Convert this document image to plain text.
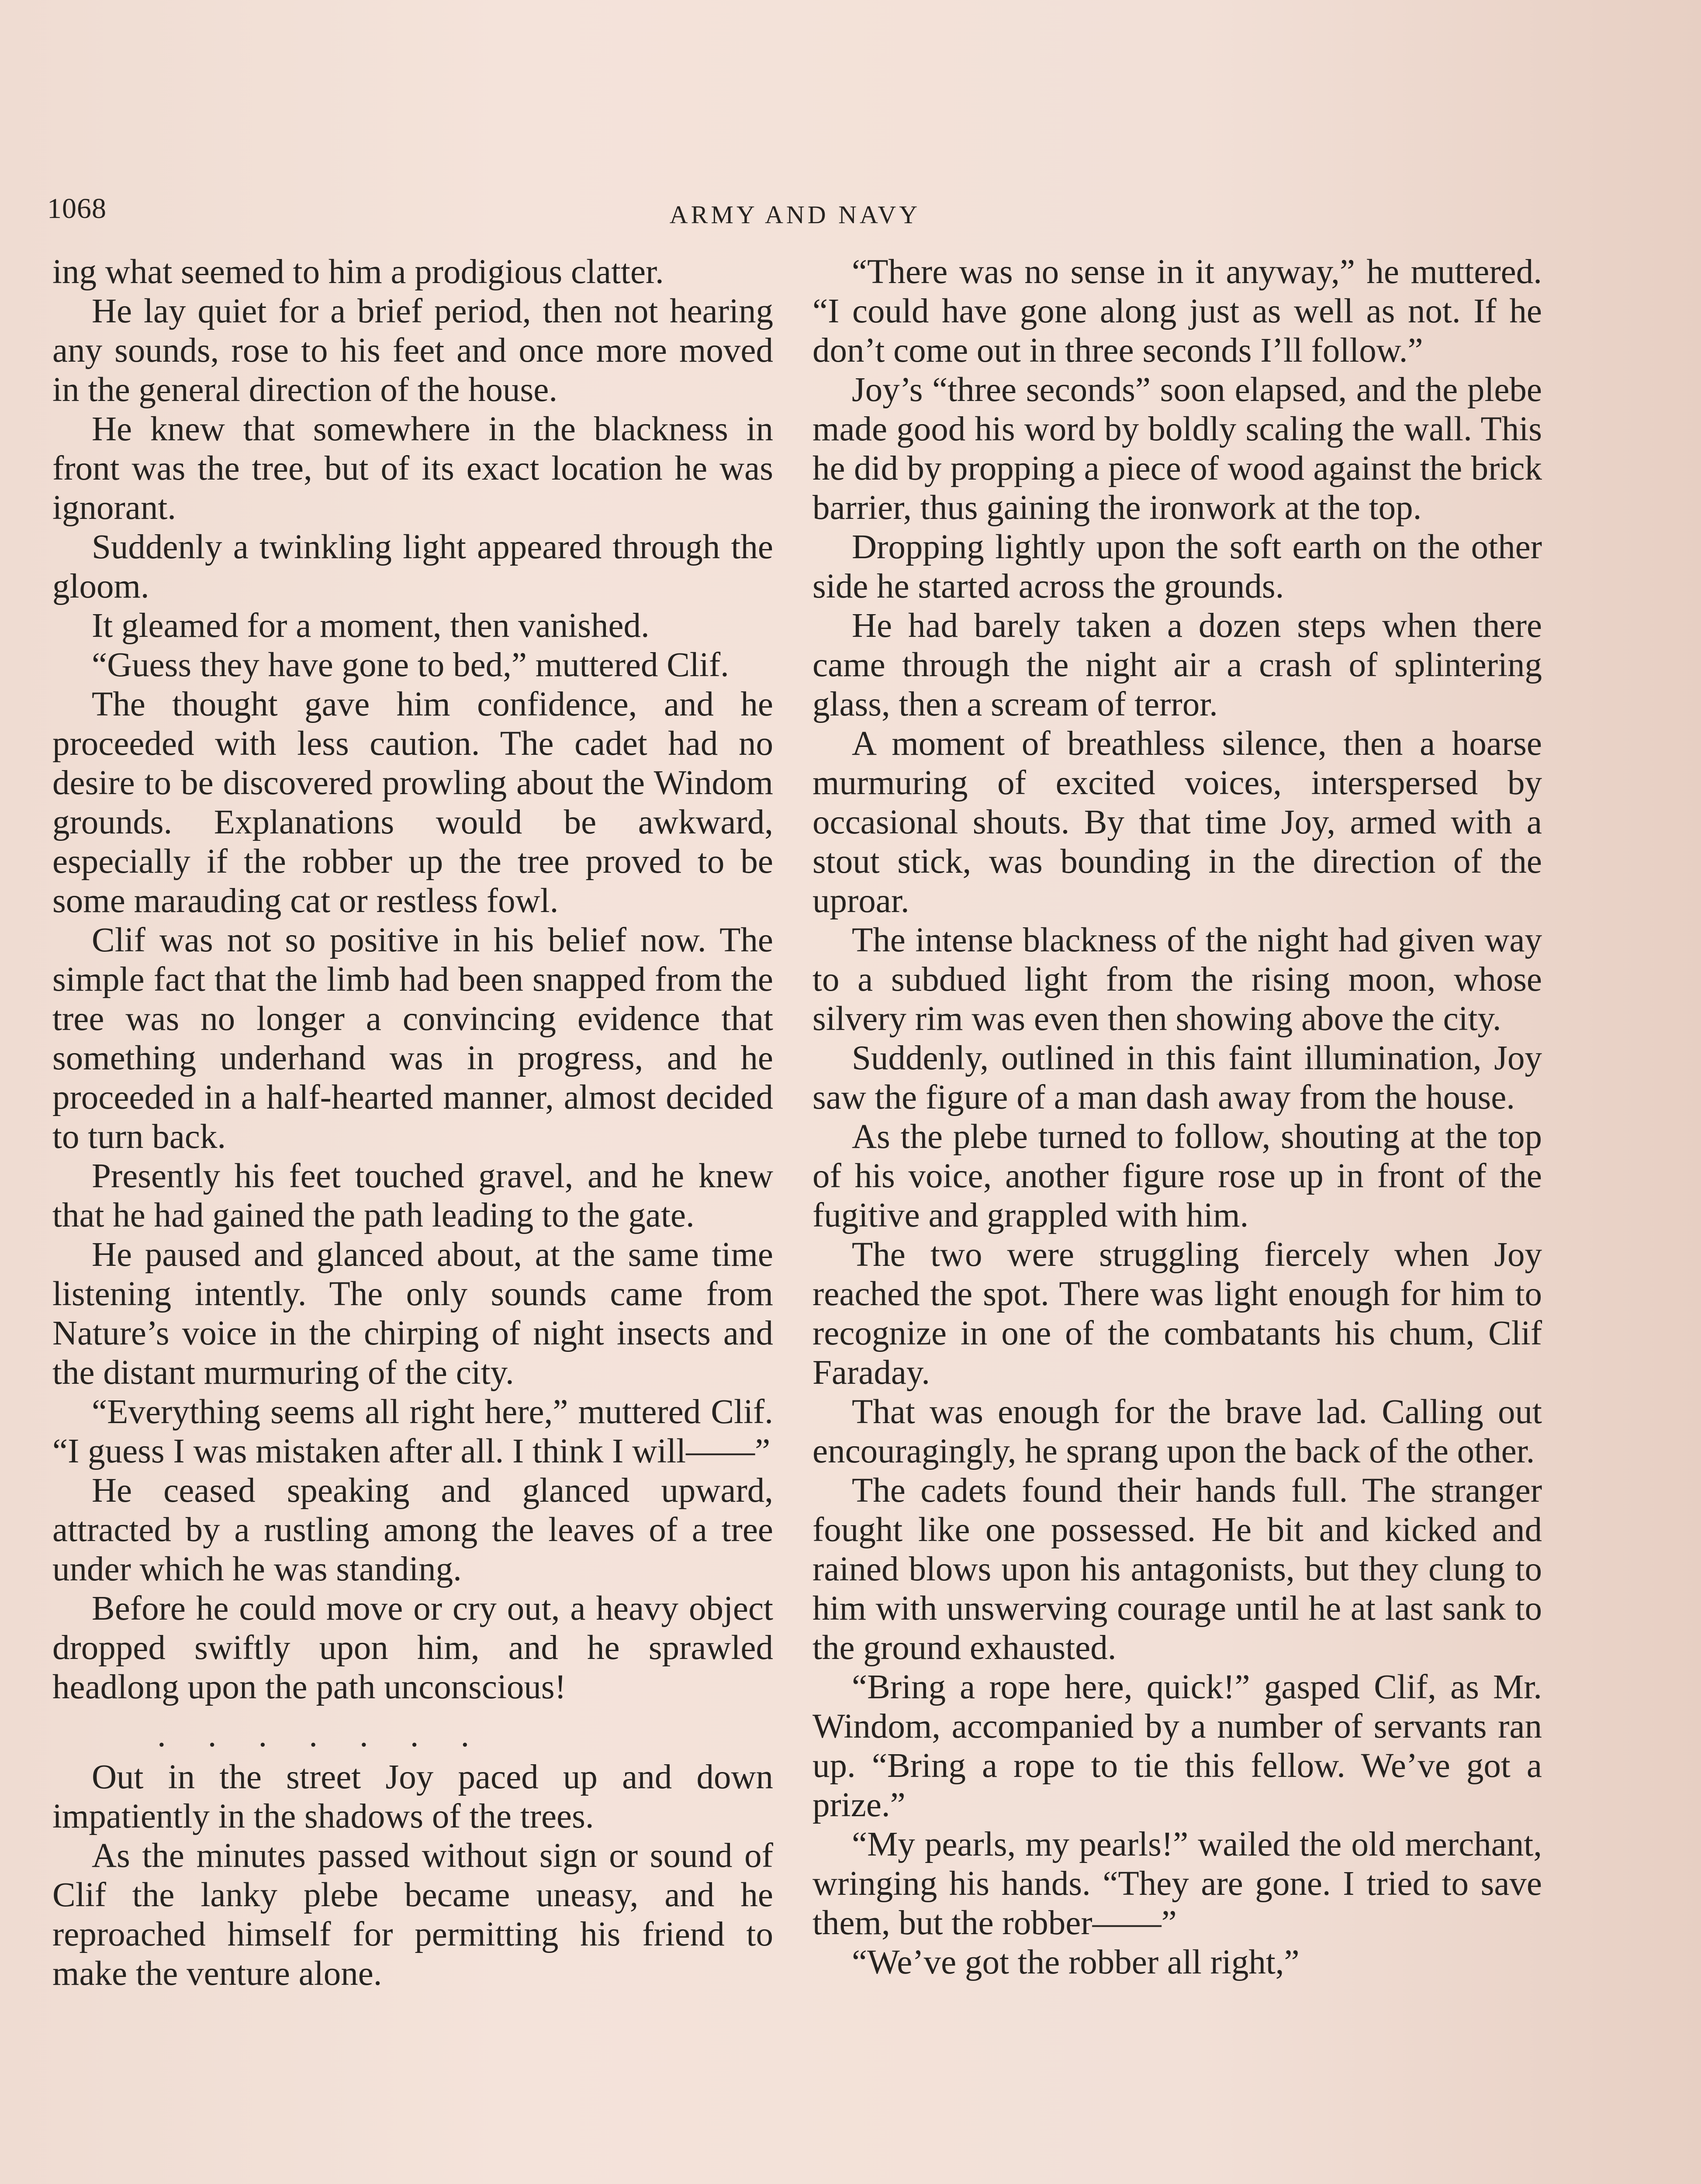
1068	ARMY AND NAVY

ing what seemed to him a prodigious clatter.

He lay quiet for a brief period, then not hearing any sounds, rose to his feet and once more moved in the general direction of the house.

He knew that somewhere in the blackness in front was the tree, but of its exact location he was ignorant.

Suddenly a twinkling light appeared through the gloom.

It gleamed for a moment, then vanished.

“Guess they have gone to bed,” muttered Clif.

The thought gave him confidence, and he proceeded with less caution. The cadet had no desire to be discovered prowling about the Windom grounds. Explanations would be awkward, especially if the robber up the tree proved to be some marauding cat or restless fowl.

Clif was not so positive in his belief now. The simple fact that the limb had been snapped from the tree was no longer a convincing evidence that something underhand was in progress, and he proceeded in a half-hearted manner, almost decided to turn back.

Presently his feet touched gravel, and he knew that he had gained the path leading to the gate.

He paused and glanced about, at the same time listening intently. The only sounds came from Nature’s voice in the chirping of night insects and the distant murmuring of the city.

“Everything seems all right here,” muttered Clif. “I guess I was mistaken after all. I think I will——”

He ceased speaking and glanced upward, attracted by a rustling among the leaves of a tree under which he was standing.

Before he could move or cry out, a heavy object dropped swiftly upon him, and he sprawled headlong upon the path unconscious!

.......

Out in the street Joy paced up and down impatiently in the shadows of the trees.

As the minutes passed without sign or sound of Clif the lanky plebe became uneasy, and he reproached himself for permitting his friend to make the venture alone.

“There was no sense in it anyway,” he muttered. “I could have gone along just as well as not. If he don’t come out in three seconds I’ll follow.”

Joy’s “three seconds” soon elapsed, and the plebe made good his word by boldly scaling the wall. This he did by propping a piece of wood against the brick barrier, thus gaining the ironwork at the top.

Dropping lightly upon the soft earth on the other side he started across the grounds.

He had barely taken a dozen steps when there came through the night air a crash of splintering glass, then a scream of terror.

A moment of breathless silence, then a hoarse murmuring of excited voices, interspersed by occasional shouts. By that time Joy, armed with a stout stick, was bounding in the direction of the uproar.

The intense blackness of the night had given way to a subdued light from the rising moon, whose silvery rim was even then showing above the city.

Suddenly, outlined in this faint illumination, Joy saw the figure of a man dash away from the house.

As the plebe turned to follow, shouting at the top of his voice, another figure rose up in front of the fugitive and grappled with him.

The two were struggling fiercely when Joy reached the spot. There was light enough for him to recognize in one of the combatants his chum, Clif Faraday.

That was enough for the brave lad. Calling out encouragingly, he sprang upon the back of the other.

The cadets found their hands full. The stranger fought like one possessed. He bit and kicked and rained blows upon his antagonists, but they clung to him with unswerving courage until he at last sank to the ground exhausted.

“Bring a rope here, quick!” gasped Clif, as Mr. Windom, accompanied by a number of servants ran up. “Bring a rope to tie this fellow. We’ve got a prize.”

“My pearls, my pearls!” wailed the old merchant, wringing his hands. “They are gone. I tried to save them, but the robber——”

“We’ve got the robber all right,”
